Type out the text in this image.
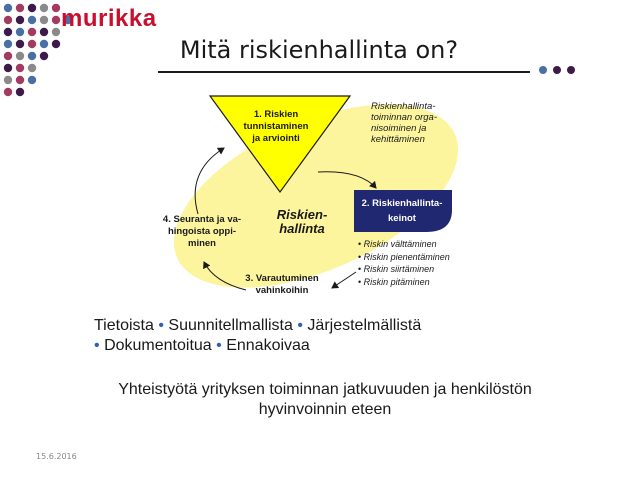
murikka
Mitä riskienhallinta on?
1. Riskien
tunnistaminen
ja arviointi
Riskien-
hallinta
Riskienhallinta-
toiminnan orga-
nisoiminen ja
kehittäminen
2. Riskienhallinta-
keinot
4. Seuranta ja va-
hingoista oppi-
minen
3. Varautuminen
vahinkoihin
• Riskin välttäminen
• Riskin pienentäminen
• Riskin siirtäminen
• Riskin pitäminen
Tietoista • Suunnitellmallista • Järjestelmällistä
• Dokumentoitua • Ennakoivaa
Yhteistyötä yrityksen toiminnan jatkuvuuden ja henkilöstön
hyvinvoinnin eteen
15.6.2016
